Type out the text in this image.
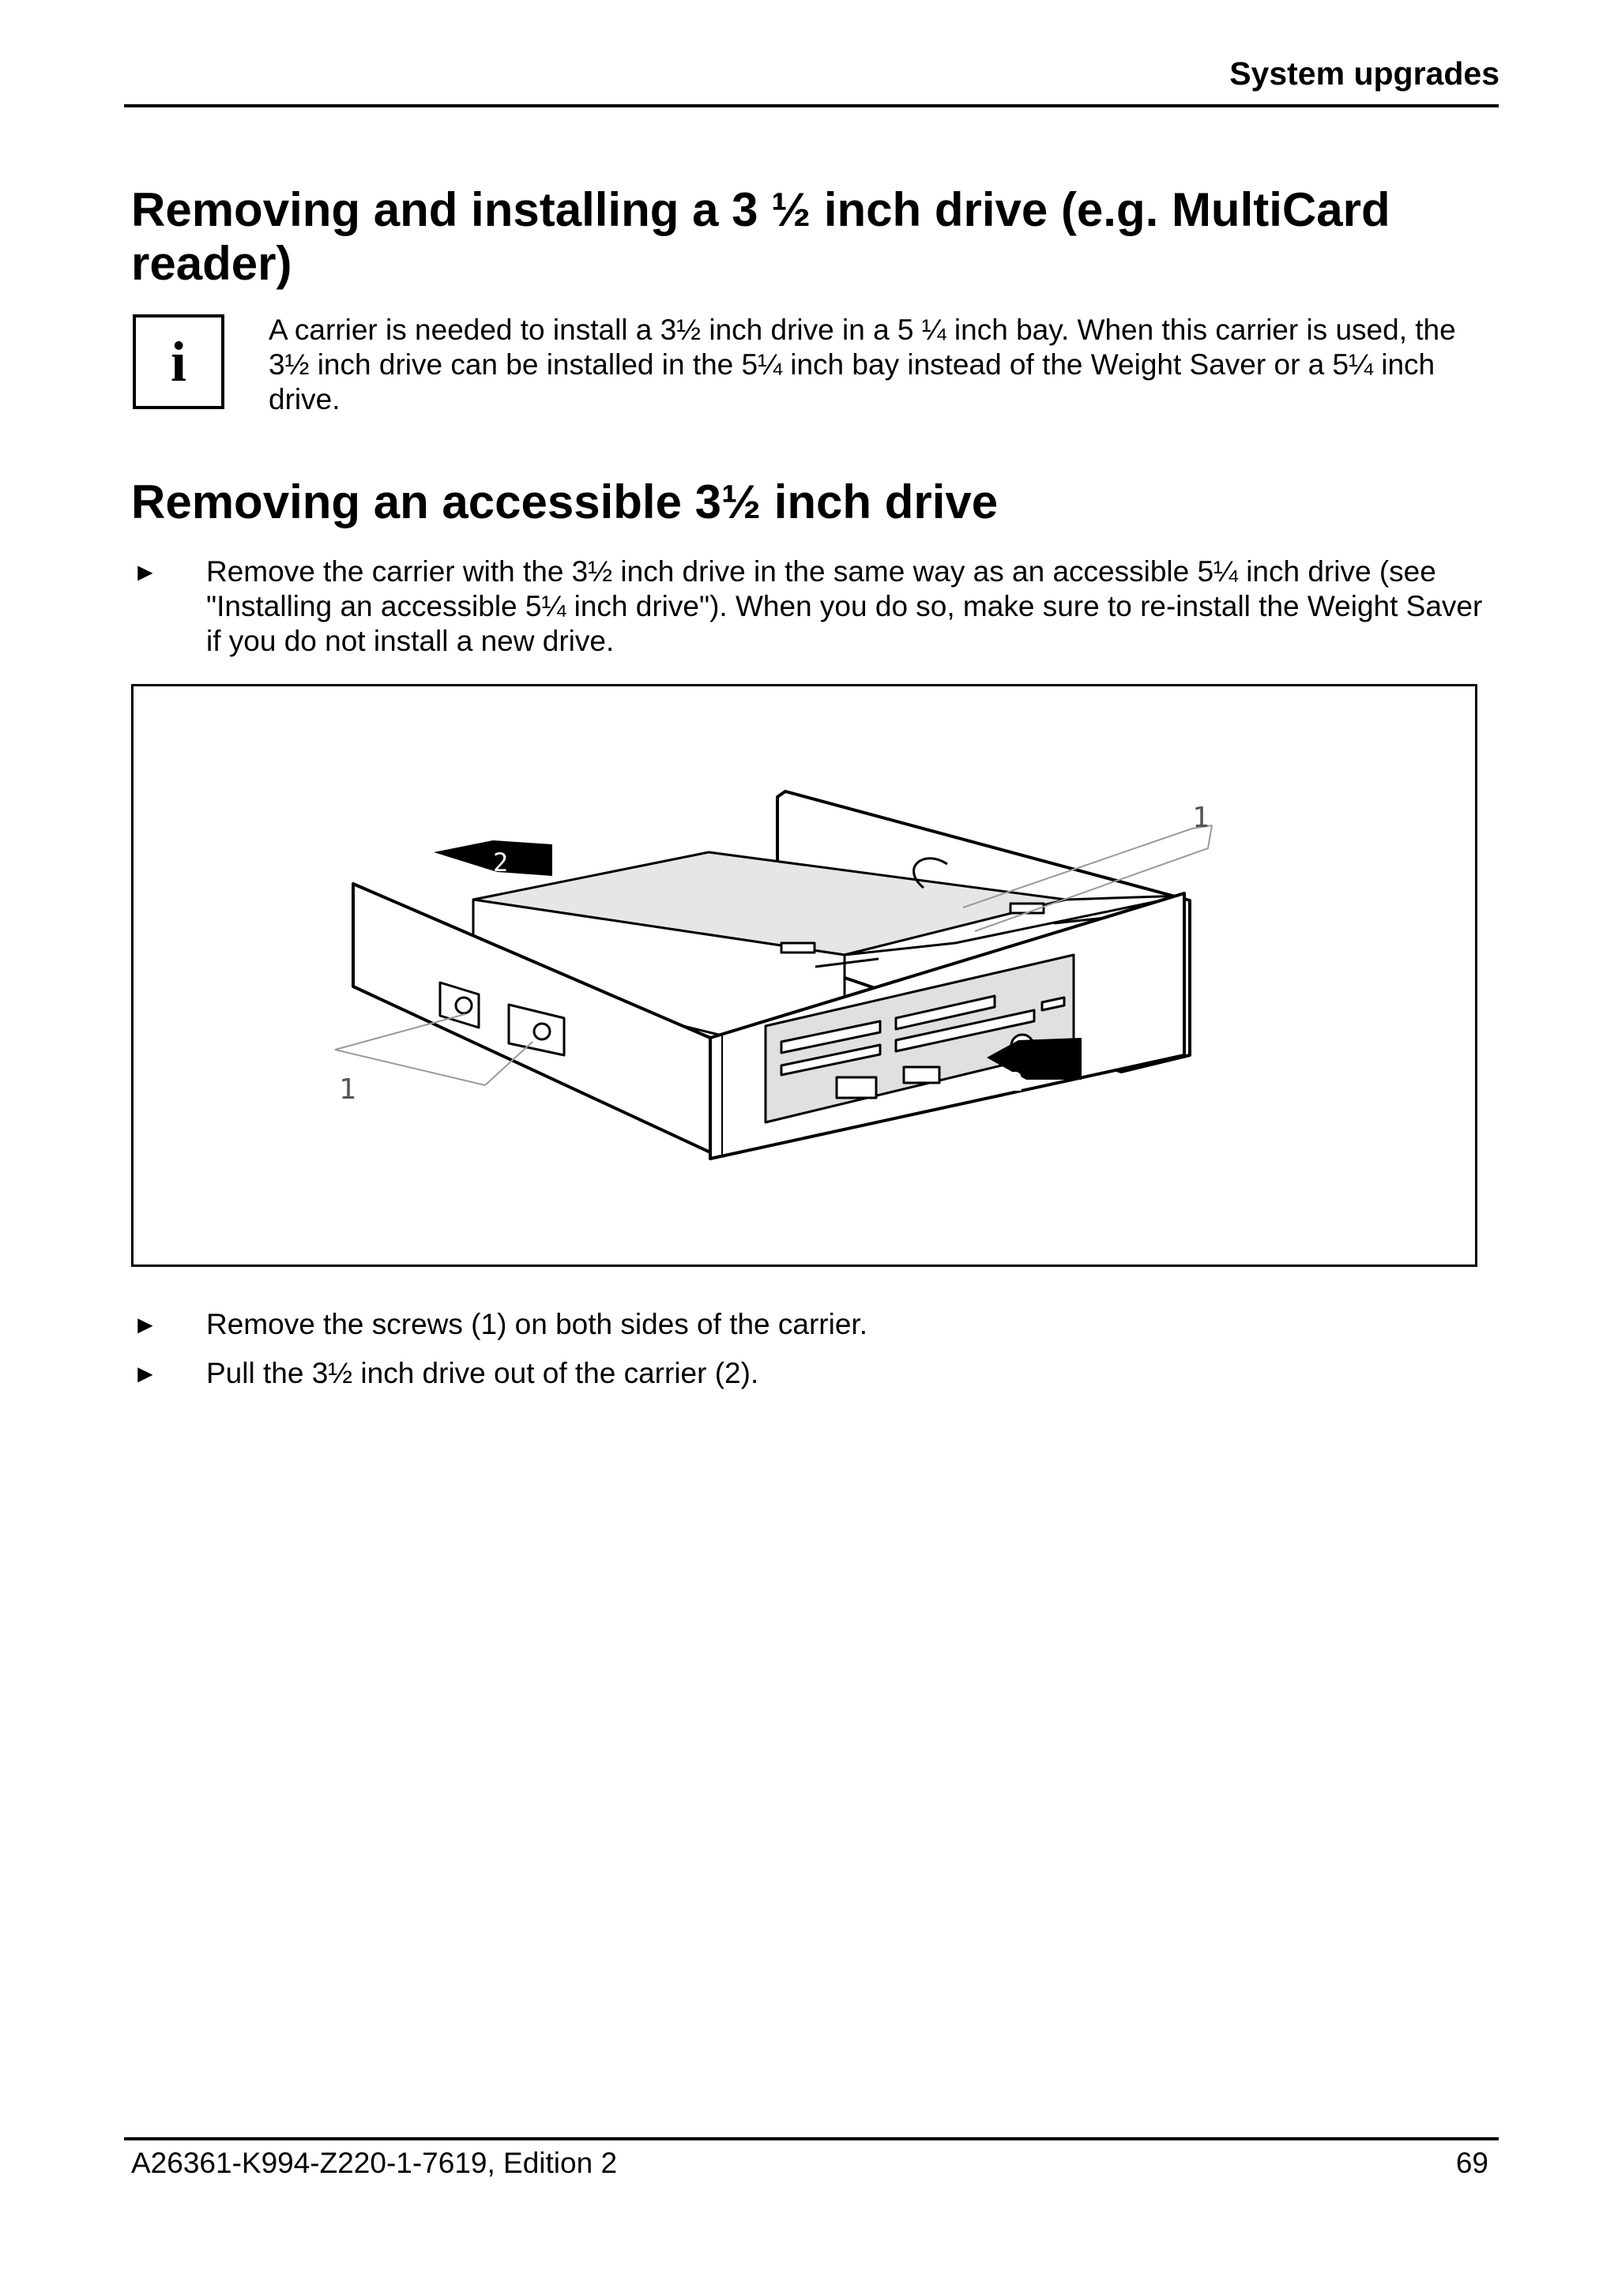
System upgrades
Removing and installing a 3 ½ inch drive (e.g. MultiCard reader)
i

A carrier is needed to install a 3½ inch drive in a 5 ¼ inch bay. When this carrier is used, the 3½ inch drive can be installed in the 5¼ inch bay instead of the Weight Saver or a 5¼ inch drive.

Removing an accessible 3½ inch drive
► Remove the carrier with the 3½ inch drive in the same way as an accessible 5¼ inch drive (see "Installing an accessible 5¼ inch drive"). When you do so, make sure to re-install the Weight Saver if you do not install a new drive.
1
1
2
2
► Remove the screws (1) on both sides of the carrier.
► Pull the 3½ inch drive out of the carrier (2).
A26361-K994-Z220-1-7619, Edition 2	69
